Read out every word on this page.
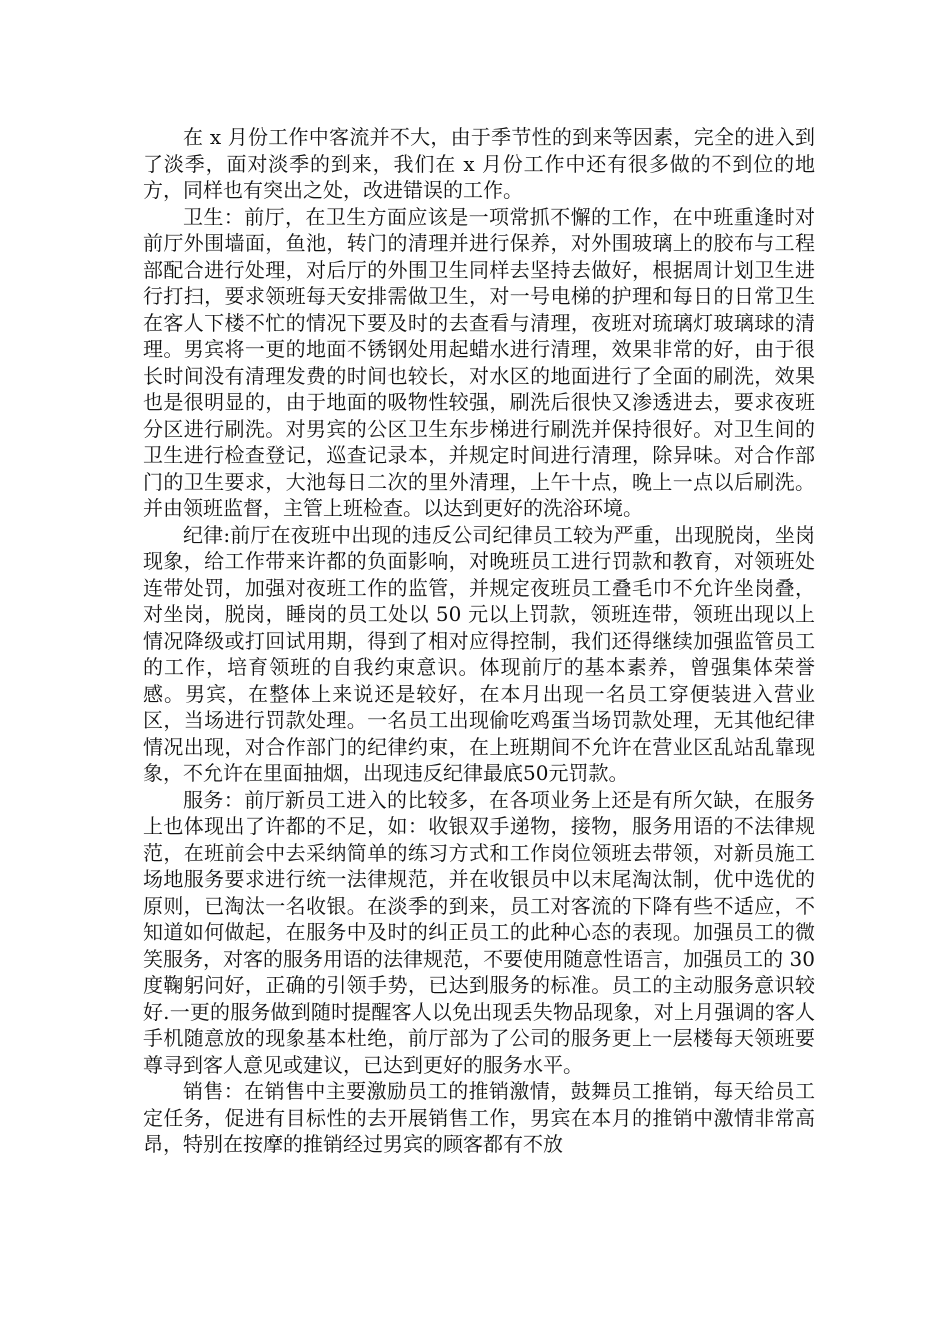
在 x 月份工作中客流并不大，由于季节性的到来等因素，完全的进入到了淡季，面对淡季的到来，我们在 x 月份工作中还有很多做的不到位的地方，同样也有突出之处，改进错误的工作。

卫生：前厅，在卫生方面应该是一项常抓不懈的工作，在中班重逢时对前厅外围墙面，鱼池，转门的清理并进行保养，对外围玻璃上的胶布与工程部配合进行处理，对后厅的外围卫生同样去坚持去做好，根据周计划卫生进行打扫，要求领班每天安排需做卫生，对一号电梯的护理和每日的日常卫生在客人下楼不忙的情况下要及时的去查看与清理，夜班对琉璃灯玻璃球的清理。男宾将一更的地面不锈钢处用起蜡水进行清理，效果非常的好，由于很长时间没有清理发费的时间也较长，对水区的地面进行了全面的刷洗，效果也是很明显的，由于地面的吸物性较强，刷洗后很快又渗透进去，要求夜班分区进行刷洗。对男宾的公区卫生东步梯进行刷洗并保持很好。对卫生间的卫生进行检查登记，巡查记录本，并规定时间进行清理，除异味。对合作部门的卫生要求，大池每日二次的里外清理，上午十点，晚上一点以后刷洗。并由领班监督，主管上班检查。以达到更好的洗浴环境。

纪律:前厅在夜班中出现的违反公司纪律员工较为严重，出现脱岗，坐岗现象，给工作带来许都的负面影响，对晚班员工进行罚款和教育，对领班处连带处罚，加强对夜班工作的监管，并规定夜班员工叠毛巾不允许坐岗叠，对坐岗，脱岗，睡岗的员工处以 50 元以上罚款，领班连带，领班出现以上情况降级或打回试用期，得到了相对应得控制，我们还得继续加强监管员工的工作，培育领班的自我约束意识。体现前厅的基本素养，曾强集体荣誉感。男宾，在整体上来说还是较好，在本月出现一名员工穿便装进入营业区，当场进行罚款处理。一名员工出现偷吃鸡蛋当场罚款处理，无其他纪律情况出现，对合作部门的纪律约束，在上班期间不允许在营业区乱站乱靠现象，不允许在里面抽烟，出现违反纪律最底50元罚款。

服务：前厅新员工进入的比较多，在各项业务上还是有所欠缺，在服务上也体现出了许都的不足，如：收银双手递物，接物，服务用语的不法律规范，在班前会中去采纳简单的练习方式和工作岗位领班去带领，对新员施工场地服务要求进行统一法律规范，并在收银员中以末尾淘汰制，优中选优的原则，已淘汰一名收银。在淡季的到来，员工对客流的下降有些不适应，不知道如何做起，在服务中及时的纠正员工的此种心态的表现。加强员工的微笑服务，对客的服务用语的法律规范，不要使用随意性语言，加强员工的 30 度鞠躬问好，正确的引领手势，已达到服务的标准。员工的主动服务意识较好.一更的服务做到随时提醒客人以免出现丢失物品现象，对上月强调的客人手机随意放的现象基本杜绝，前厅部为了公司的服务更上一层楼每天领班要尊寻到客人意见或建议，已达到更好的服务水平。

销售：在销售中主要激励员工的推销激情，鼓舞员工推销，每天给员工定任务，促进有目标性的去开展销售工作，男宾在本月的推销中激情非常高昂，特别在按摩的推销经过男宾的顾客都有不放
